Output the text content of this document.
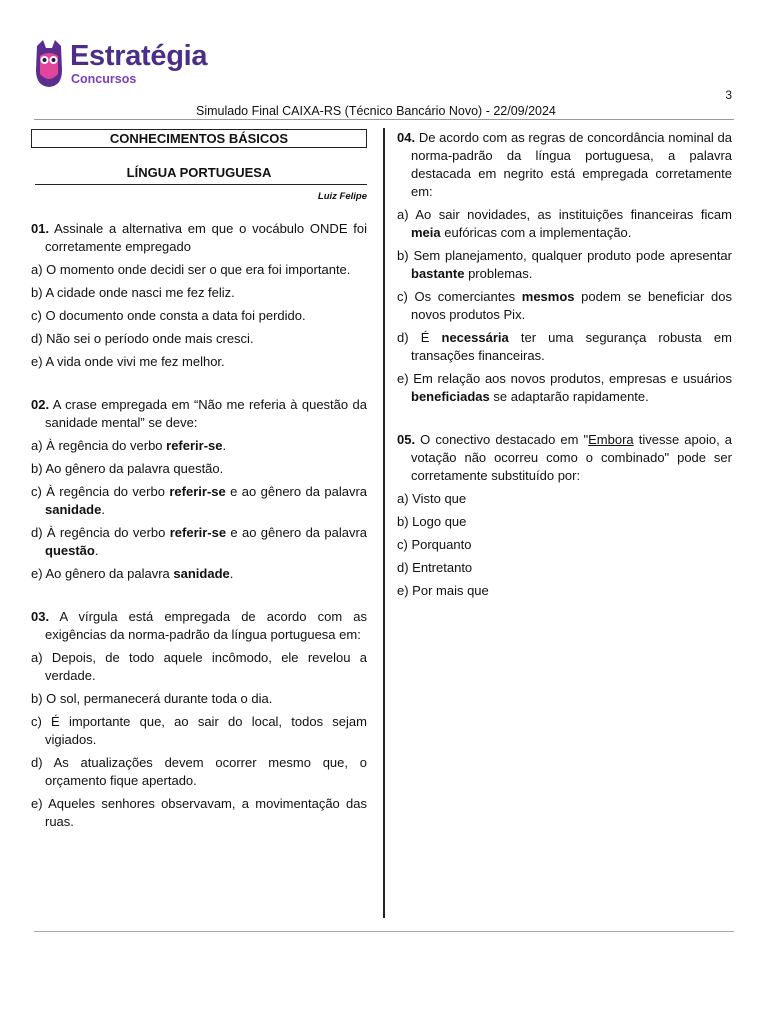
Estratégia
Concursos
3
Simulado Final CAIXA-RS (Técnico Bancário Novo) - 22/09/2024
CONHECIMENTOS BÁSICOS
LÍNGUA PORTUGUESA
Luiz Felipe

01. Assinale a alternativa em que o vocábulo ONDE foi corretamente empregado

a) O momento onde decidi ser o que era foi importante.

b) A cidade onde nasci me fez feliz.

c) O documento onde consta a data foi perdido.

d) Não sei o período onde mais cresci.

e) A vida onde vivi me fez melhor.

02. A crase empregada em “Não me referia à questão da sanidade mental” se deve:

a) À regência do verbo referir-se.

b) Ao gênero da palavra questão.

c) À regência do verbo referir-se e ao gênero da palavra sanidade.

d) À regência do verbo referir-se e ao gênero da palavra questão.

e) Ao gênero da palavra sanidade.

03. A vírgula está empregada de acordo com as exigências da norma-padrão da língua portuguesa em:

a) Depois, de todo aquele incômodo, ele revelou a verdade.

b) O sol, permanecerá durante toda o dia.

c) É importante que, ao sair do local, todos sejam vigiados.

d) As atualizações devem ocorrer mesmo que, o orçamento fique apertado.

e) Aqueles senhores observavam, a movimentação das ruas.

04. De acordo com as regras de concordância nominal da norma-padrão da língua portuguesa, a palavra destacada em negrito está empregada corretamente em:

a) Ao sair novidades, as instituições financeiras ficam meia eufóricas com a implementação.

b) Sem planejamento, qualquer produto pode apresentar bastante problemas.

c) Os comerciantes mesmos podem se beneficiar dos novos produtos Pix.

d) É necessária ter uma segurança robusta em transações financeiras.

e) Em relação aos novos produtos, empresas e usuários beneficiadas se adaptarão rapidamente.

05. O conectivo destacado em "Embora tivesse apoio, a votação não ocorreu como o combinado" pode ser corretamente substituído por:

a) Visto que

b) Logo que

c) Porquanto

d) Entretanto

e) Por mais que
